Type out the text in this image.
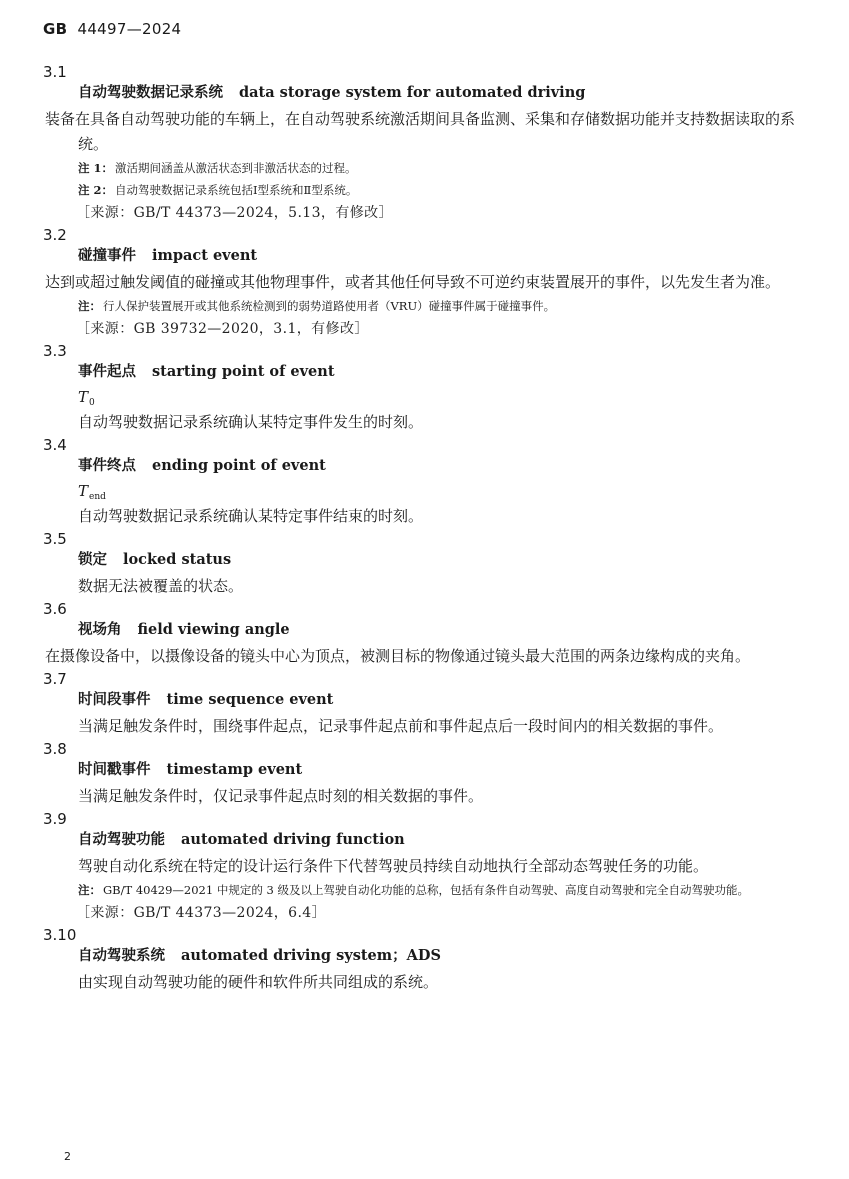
GB 44497—2024
3.1
自动驾驶数据记录系统 data storage system for automated driving
装备在具备自动驾驶功能的车辆上，在自动驾驶系统激活期间具备监测、采集和存储数据功能并支持数据读取的系统。
注 1： 激活期间涵盖从激活状态到非激活状态的过程。
注 2： 自动驾驶数据记录系统包括Ⅰ型系统和Ⅱ型系统。
［来源：GB/T 44373—2024，5.13，有修改］
3.2
碰撞事件 impact event
达到或超过触发阈值的碰撞或其他物理事件，或者其他任何导致不可逆约束装置展开的事件，以先发生者为准。
注： 行人保护装置展开或其他系统检测到的弱势道路使用者（VRU）碰撞事件属于碰撞事件。
［来源：GB 39732—2020，3.1，有修改］
3.3
事件起点 starting point of event
$T_0$
自动驾驶数据记录系统确认某特定事件发生的时刻。
3.4
事件终点 ending point of event
$T_{end}$
自动驾驶数据记录系统确认某特定事件结束的时刻。
3.5
锁定 locked status
数据无法被覆盖的状态。
3.6
视场角 field viewing angle
在摄像设备中，以摄像设备的镜头中心为顶点，被测目标的物像通过镜头最大范围的两条边缘构成的夹角。
3.7
时间段事件 time sequence event
当满足触发条件时，围绕事件起点，记录事件起点前和事件起点后一段时间内的相关数据的事件。
3.8
时间戳事件 timestamp event
当满足触发条件时，仅记录事件起点时刻的相关数据的事件。
3.9
自动驾驶功能 automated driving function
驾驶自动化系统在特定的设计运行条件下代替驾驶员持续自动地执行全部动态驾驶任务的功能。
注： GB/T 40429—2021 中规定的 3 级及以上驾驶自动化功能的总称，包括有条件自动驾驶、高度自动驾驶和完全自动驾驶功能。
［来源：GB/T 44373—2024，6.4］
3.10
自动驾驶系统 automated driving system；ADS
由实现自动驾驶功能的硬件和软件所共同组成的系统。
2
